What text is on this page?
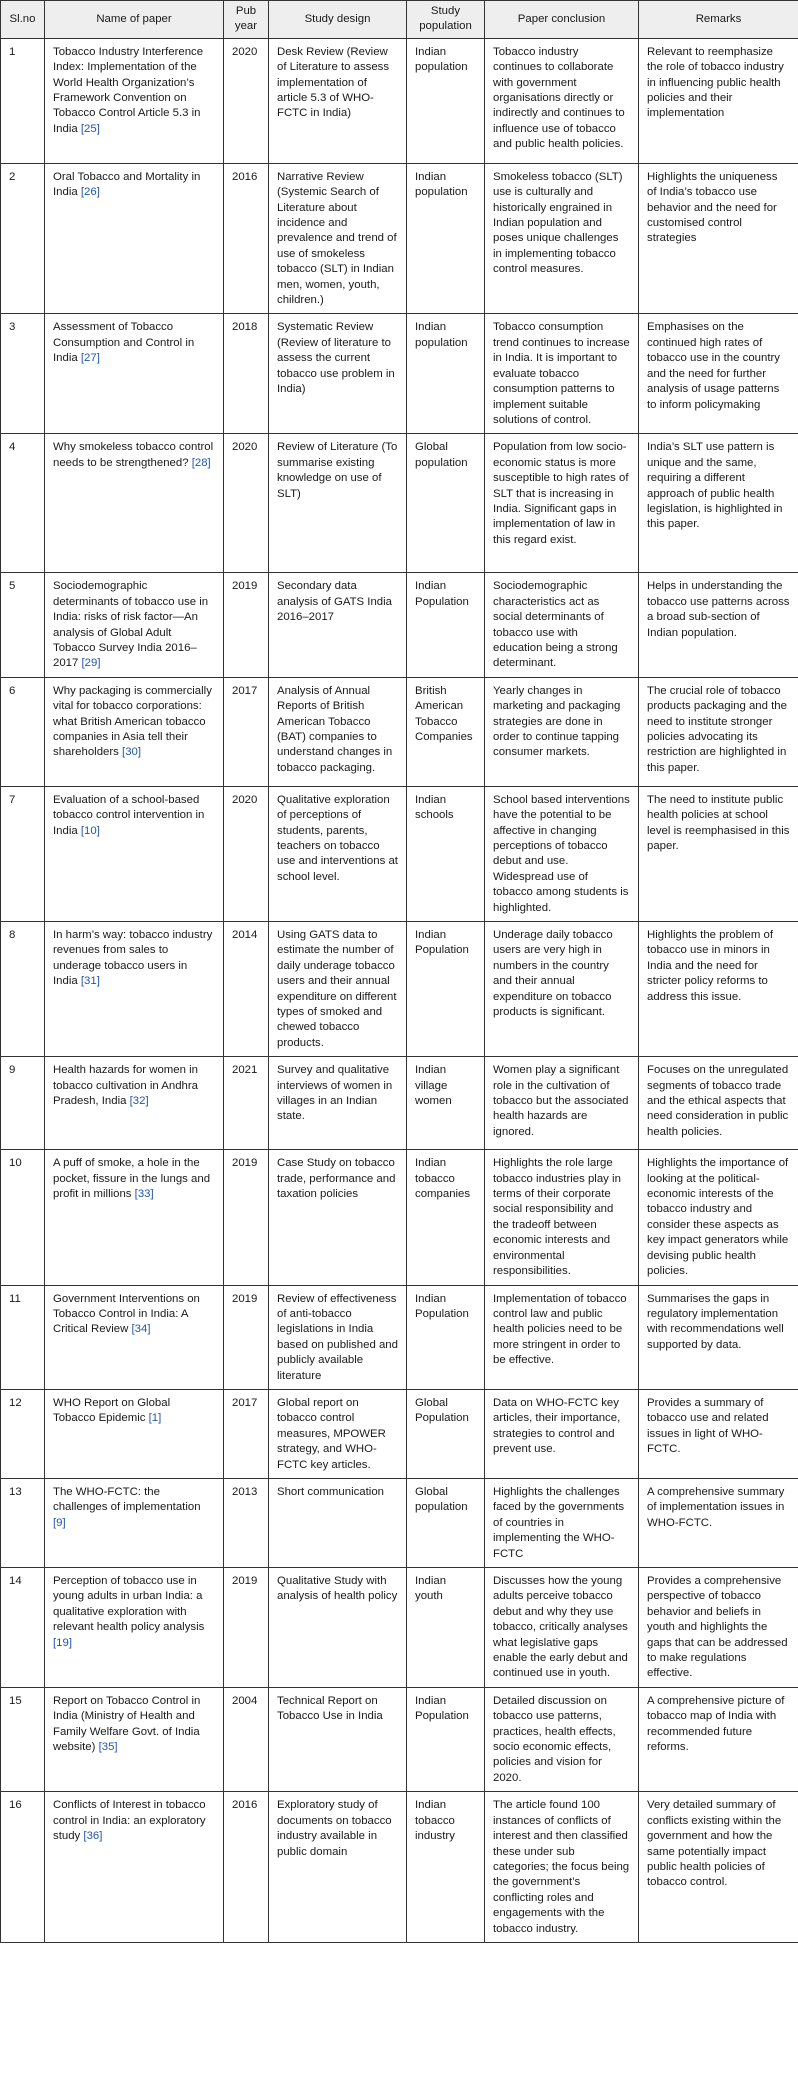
Sl.no	Name of paper	Pub year	Study design	Study population	Paper conclusion	Remarks
1	Tobacco Industry Interference Index: Implementation of the World Health Organization’s Framework Convention on Tobacco Control Article 5.3 in India [25]	2020	Desk Review (Review of Literature to assess implementation of article 5.3 of WHO-FCTC in India)	Indian population	Tobacco industry continues to collaborate with government organisations directly or indirectly and continues to influence use of tobacco and public health policies.	Relevant to reemphasize the role of tobacco industry in influencing public health policies and their implementation
2	Oral Tobacco and Mortality in India [26]	2016	Narrative Review (Systemic Search of Literature about incidence and prevalence and trend of use of smokeless tobacco (SLT) in Indian men, women, youth, children.)	Indian population	Smokeless tobacco (SLT) use is culturally and historically engrained in Indian population and poses unique challenges in implementing tobacco control measures.	Highlights the uniqueness of India’s tobacco use behavior and the need for customised control strategies
3	Assessment of Tobacco Consumption and Control in India [27]	2018	Systematic Review (Review of literature to assess the current tobacco use problem in India)	Indian population	Tobacco consumption trend continues to increase in India. It is important to evaluate tobacco consumption patterns to implement suitable solutions of control.	Emphasises on the continued high rates of tobacco use in the country and the need for further analysis of usage patterns to inform policymaking
4	Why smokeless tobacco control needs to be strengthened? [28]	2020	Review of Literature (To summarise existing knowledge on use of SLT)	Global population	Population from low socio-economic status is more susceptible to high rates of SLT that is increasing in India. Significant gaps in implementation of law in this regard exist.	India’s SLT use pattern is unique and the same, requiring a different approach of public health legislation, is highlighted in this paper.
5	Sociodemographic determinants of tobacco use in India: risks of risk factor—An analysis of Global Adult Tobacco Survey India 2016–2017 [29]	2019	Secondary data analysis of GATS India 2016–2017	Indian Population	Sociodemographic characteristics act as social determinants of tobacco use with education being a strong determinant.	Helps in understanding the tobacco use patterns across a broad sub-section of Indian population.
6	Why packaging is commercially vital for tobacco corporations: what British American tobacco companies in Asia tell their shareholders [30]	2017	Analysis of Annual Reports of British American Tobacco (BAT) companies to understand changes in tobacco packaging.	British American Tobacco Companies	Yearly changes in marketing and packaging strategies are done in order to continue tapping consumer markets.	The crucial role of tobacco products packaging and the need to institute stronger policies advocating its restriction are highlighted in this paper.
7	Evaluation of a school-based tobacco control intervention in India [10]	2020	Qualitative exploration of perceptions of students, parents, teachers on tobacco use and interventions at school level.	Indian schools	School based interventions have the potential to be affective in changing perceptions of tobacco debut and use. Widespread use of tobacco among students is highlighted.	The need to institute public health policies at school level is reemphasised in this paper.
8	In harm’s way: tobacco industry revenues from sales to underage tobacco users in India [31]	2014	Using GATS data to estimate the number of daily underage tobacco users and their annual expenditure on different types of smoked and chewed tobacco products.	Indian Population	Underage daily tobacco users are very high in numbers in the country and their annual expenditure on tobacco products is significant.	Highlights the problem of tobacco use in minors in India and the need for stricter policy reforms to address this issue.
9	Health hazards for women in tobacco cultivation in Andhra Pradesh, India [32]	2021	Survey and qualitative interviews of women in villages in an Indian state.	Indian village women	Women play a significant role in the cultivation of tobacco but the associated health hazards are ignored.	Focuses on the unregulated segments of tobacco trade and the ethical aspects that need consideration in public health policies.
10	A puff of smoke, a hole in the pocket, fissure in the lungs and profit in millions [33]	2019	Case Study on tobacco trade, performance and taxation policies	Indian tobacco companies	Highlights the role large tobacco industries play in terms of their corporate social responsibility and the tradeoff between economic interests and environmental responsibilities.	Highlights the importance of looking at the political-economic interests of the tobacco industry and consider these aspects as key impact generators while devising public health policies.
11	Government Interventions on Tobacco Control in India: A Critical Review [34]	2019	Review of effectiveness of anti-tobacco legislations in India based on published and publicly available literature	Indian Population	Implementation of tobacco control law and public health policies need to be more stringent in order to be effective.	Summarises the gaps in regulatory implementation with recommendations well supported by data.
12	WHO Report on Global Tobacco Epidemic [1]	2017	Global report on tobacco control measures, MPOWER strategy, and WHO-FCTC key articles.	Global Population	Data on WHO-FCTC key articles, their importance, strategies to control and prevent use.	Provides a summary of tobacco use and related issues in light of WHO-FCTC.
13	The WHO-FCTC: the challenges of implementation [9]	2013	Short communication	Global population	Highlights the challenges faced by the governments of countries in implementing the WHO-FCTC	A comprehensive summary of implementation issues in WHO-FCTC.
14	Perception of tobacco use in young adults in urban India: a qualitative exploration with relevant health policy analysis [19]	2019	Qualitative Study with analysis of health policy	Indian youth	Discusses how the young adults perceive tobacco debut and why they use tobacco, critically analyses what legislative gaps enable the early debut and continued use in youth.	Provides a comprehensive perspective of tobacco behavior and beliefs in youth and highlights the gaps that can be addressed to make regulations effective.
15	Report on Tobacco Control in India (Ministry of Health and Family Welfare Govt. of India website) [35]	2004	Technical Report on Tobacco Use in India	Indian Population	Detailed discussion on tobacco use patterns, practices, health effects, socio economic effects, policies and vision for 2020.	A comprehensive picture of tobacco map of India with recommended future reforms.
16	Conflicts of Interest in tobacco control in India: an exploratory study [36]	2016	Exploratory study of documents on tobacco industry available in public domain	Indian tobacco industry	The article found 100 instances of conflicts of interest and then classified these under sub categories; the focus being the government’s conflicting roles and engagements with the tobacco industry.	Very detailed summary of conflicts existing within the government and how the same potentially impact public health policies of tobacco control.
